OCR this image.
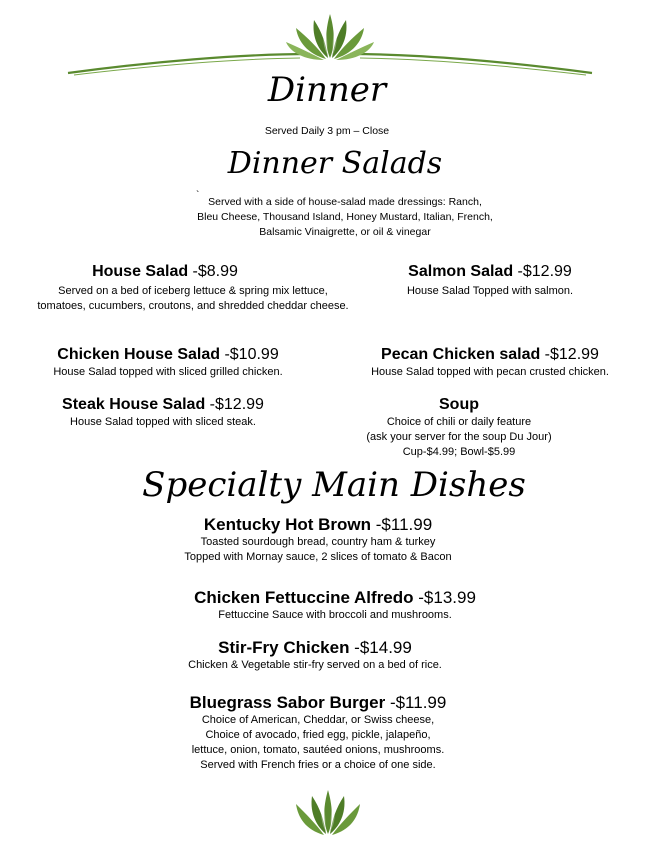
Dinner
Served Daily 3 pm – Close
Dinner Salads
`
Served with a side of house-salad made dressings: Ranch,
Bleu Cheese, Thousand Island, Honey Mustard, Italian, French,
Balsamic Vinaigrette, or oil & vinegar
House Salad -$8.99
Served on a bed of iceberg lettuce & spring mix lettuce,
tomatoes, cucumbers, croutons, and shredded cheddar cheese.
Salmon Salad -$12.99
House Salad Topped with salmon.
Chicken House Salad -$10.99
House Salad topped with sliced grilled chicken.
Pecan Chicken salad -$12.99
House Salad topped with pecan crusted chicken.
Steak House Salad -$12.99
House Salad topped with sliced steak.
Soup
Choice of chili or daily feature
(ask your server for the soup Du Jour)
Cup-$4.99; Bowl-$5.99
Specialty Main Dishes
Kentucky Hot Brown -$11.99
Toasted sourdough bread, country ham & turkey
Topped with Mornay sauce, 2 slices of tomato & Bacon
Chicken Fettuccine Alfredo -$13.99
Fettuccine Sauce with broccoli and mushrooms.
Stir-Fry Chicken -$14.99
Chicken & Vegetable stir-fry served on a bed of rice.
Bluegrass Sabor Burger -$11.99
Choice of American, Cheddar, or Swiss cheese,
Choice of avocado, fried egg, pickle, jalapeño,
lettuce, onion, tomato, sautéed onions, mushrooms.
Served with French fries or a choice of one side.
